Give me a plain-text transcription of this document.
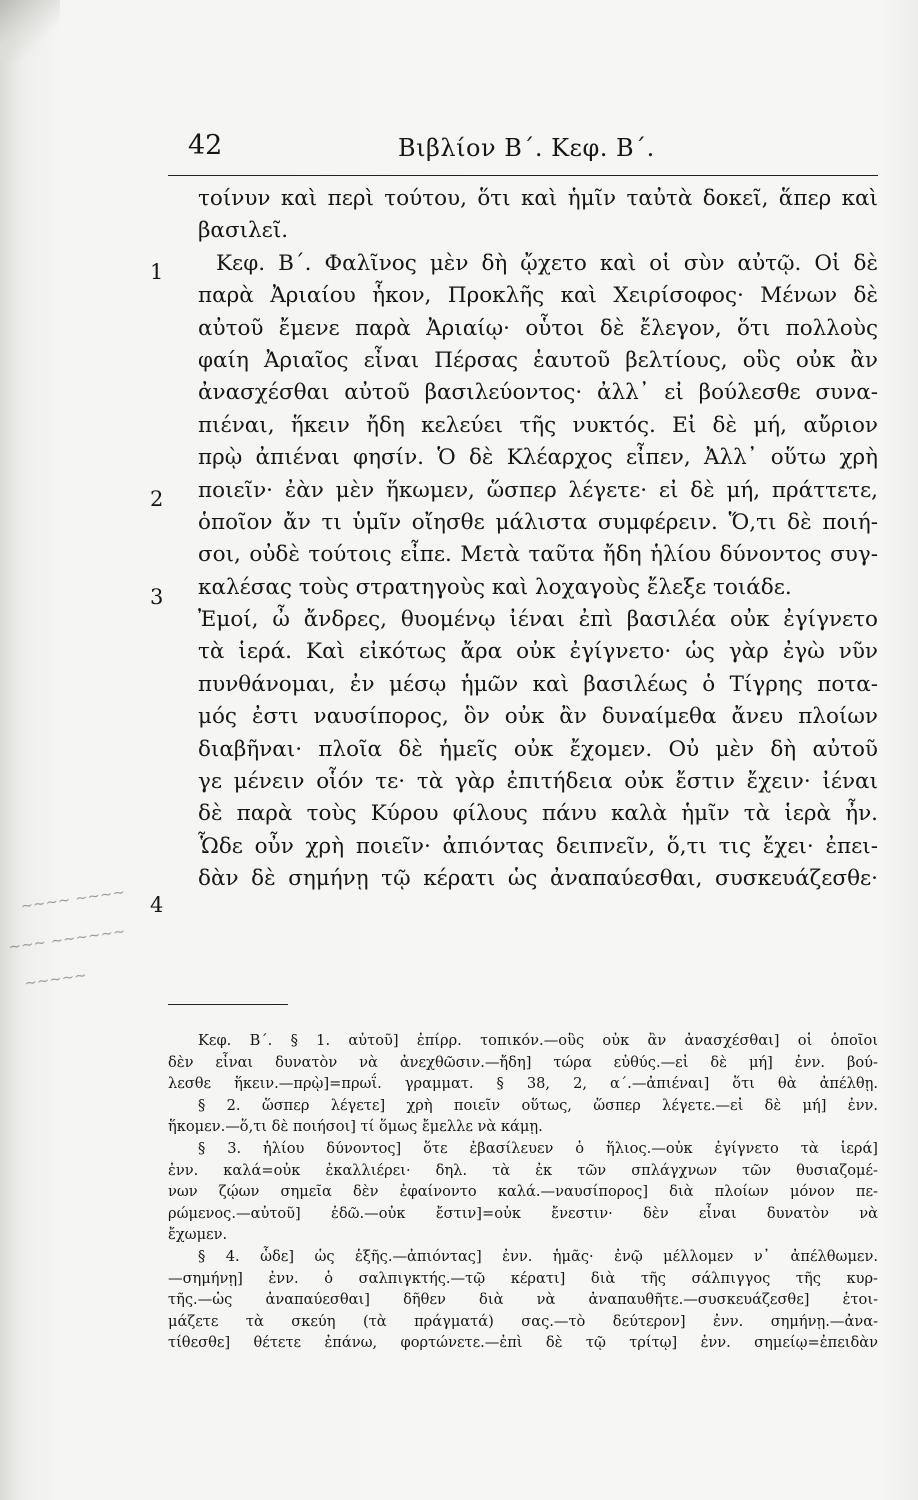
42	Βιβλίον Β΄. Κεφ. Β΄.
1
2
3
4
τοίνυν καὶ περὶ τούτου, ὅτι καὶ ἡμῖν ταὐτὰ δοκεῖ, ἅπερ καὶ
βασιλεῖ.
Κεφ. Β΄. Φαλῖνος μὲν δὴ ᾤχετο καὶ οἱ σὺν αὐτῷ. Οἱ δὲ
παρὰ Ἀριαίου ἧκον, Προκλῆς καὶ Χειρίσοφος· Μένων δὲ
αὐτοῦ ἔμενε παρὰ Ἀριαίῳ· οὗτοι δὲ ἔλεγον, ὅτι πολλοὺς
φαίη Ἀριαῖος εἶναι Πέρσας ἑαυτοῦ βελτίους, οὓς οὐκ ἂν
ἀνασχέσθαι αὐτοῦ βασιλεύοντος· ἀλλ᾽ εἰ βούλεσθε συνα-
πιέναι, ἥκειν ἤδη κελεύει τῆς νυκτός. Εἰ δὲ μή, αὔριον
πρῲ ἀπιέναι φησίν. Ὁ δὲ Κλέαρχος εἶπεν, Ἀλλ᾽ οὕτω χρὴ
ποιεῖν· ἐὰν μὲν ἥκωμεν, ὥσπερ λέγετε· εἰ δὲ μή, πράττετε,
ὁποῖον ἄν τι ὑμῖν οἴησθε μάλιστα συμφέρειν. Ὅ,τι δὲ ποιή-
σοι, οὐδὲ τούτοις εἶπε. Μετὰ ταῦτα ἤδη ἡλίου δύνοντος συγ-
καλέσας τοὺς στρατηγοὺς καὶ λοχαγοὺς ἔλεξε τοιάδε.
Ἐμοί, ὦ ἄνδρες, θυομένῳ ἰέναι ἐπὶ βασιλέα οὐκ ἐγίγνετο
τὰ ἱερά. Καὶ εἰκότως ἄρα οὐκ ἐγίγνετο· ὡς γὰρ ἐγὼ νῦν
πυνθάνομαι, ἐν μέσῳ ἡμῶν καὶ βασιλέως ὁ Τίγρης ποτα-
μός ἐστι ναυσίπορος, ὃν οὐκ ἂν δυναίμεθα ἄνευ πλοίων
διαβῆναι· πλοῖα δὲ ἡμεῖς οὐκ ἔχομεν. Οὐ μὲν δὴ αὐτοῦ
γε μένειν οἷόν τε· τὰ γὰρ ἐπιτήδεια οὐκ ἔστιν ἔχειν· ἰέναι
δὲ παρὰ τοὺς Κύρου φίλους πάνυ καλὰ ἡμῖν τὰ ἱερὰ ἦν.
Ὧδε οὖν χρὴ ποιεῖν· ἀπιόντας δειπνεῖν, ὅ,τι τις ἔχει· ἐπει-
δὰν δὲ σημήνῃ τῷ κέρατι ὡς ἀναπαύεσθαι, συσκευάζεσθε·
~~~~ ~~~~
~~~ ~~~~~~
~~~~~
Κεφ. Β΄. § 1. αὐτοῦ] ἐπίρρ. τοπικόν.—οὓς οὐκ ἂν ἀνασχέσθαι] οἱ ὁποῖοι
δὲν εἶναι δυνατὸν νὰ ἀνεχθῶσιν.—ἤδη] τώρα εὐθύς.—εἰ δὲ μή] ἐνν. βού-
λεσθε ἥκειν.—πρῲ]=πρωΐ. γραμματ. § 38, 2, α΄.—ἀπιέναι] ὅτι θὰ ἀπέλθῃ.
§ 2. ὥσπερ λέγετε] χρὴ ποιεῖν οὕτως, ὥσπερ λέγετε.—εἰ δὲ μή] ἐνν.
ἥκομεν.—ὅ,τι δὲ ποιήσοι] τί ὅμως ἔμελλε νὰ κάμῃ.
§ 3. ἡλίου δύνοντος] ὅτε ἐβασίλευεν ὁ ἥλιος.—οὐκ ἐγίγνετο τὰ ἱερά]
ἐνν. καλά=οὐκ ἐκαλλιέρει· δηλ. τὰ ἐκ τῶν σπλάγχνων τῶν θυσιαζομέ-
νων ζῴων σημεῖα δὲν ἐφαίνοντο καλά.—ναυσίπορος] διὰ πλοίων μόνον πε-
ρώμενος.—αὐτοῦ] ἐδῶ.—οὐκ ἔστιν]=οὐκ ἔνεστιν· δὲν εἶναι δυνατὸν νὰ
ἔχωμεν.
§ 4. ὧδε] ὡς ἑξῆς.—ἀπιόντας] ἐνν. ἡμᾶς· ἐνῷ μέλλομεν ν᾽ ἀπέλθωμεν.
—σημήνῃ] ἐνν. ὁ σαλπιγκτής.—τῷ κέρατι] διὰ τῆς σάλπιγγος τῆς κυρ-
τῆς.—ὡς ἀναπαύεσθαι] δῆθεν διὰ νὰ ἀναπαυθῆτε.—συσκευάζεσθε] ἑτοι-
μάζετε τὰ σκεύη (τὰ πράγματά) σας.—τὸ δεύτερον] ἐνν. σημήνῃ.—ἀνα-
τίθεσθε] θέτετε ἐπάνω, φορτώνετε.—ἐπὶ δὲ τῷ τρίτῳ] ἐνν. σημείῳ=ἐπειδὰν
